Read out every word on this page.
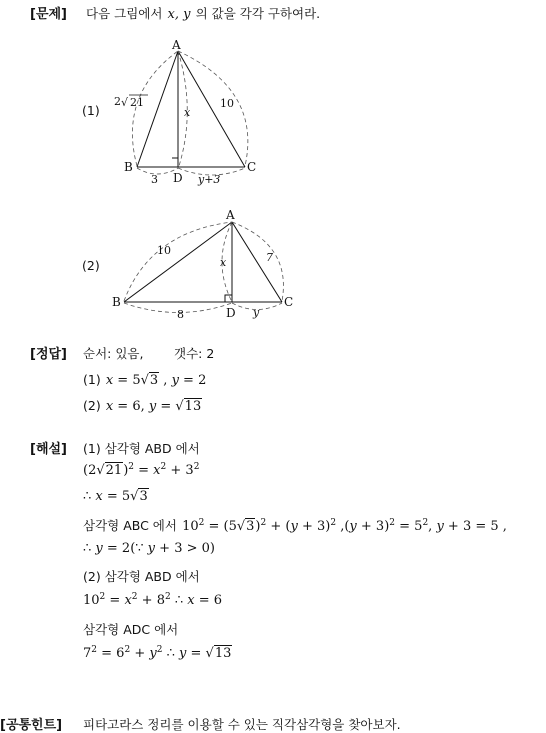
[문제] 다음 그림에서 x, y 의 값을 각각 구하여라.
(1)
A
B	C
D
2 √ 21	10
x
3	y+3
(2)
A
B	C
D
10
x	7
8	y
[정답] 순서: 있음, 갯수: 2
(1) x = 5√3 , y = 2
(2) x = 6, y = √13
[해설] (1) 삼각형 ABD 에서
$(2√21)^2 = x^2 + 3^2$
∴ x = 5√3
삼각형 ABC 에서 $10^2 = (5√3)^2 + (y + 3)^2$ $,(y + 3)^2 = 5^2$, y + 3 = 5 ,
∴ y = 2(∵ y + 3 > 0)
(2) 삼각형 ABD 에서
$10^2 = x^2 + 8^2$ ∴ x = 6
삼각형 ADC 에서
$7^2 = 6^2 + y^2$ ∴ y = √13
[공통힌트] 피타고라스 정리를 이용할 수 있는 직각삼각형을 찾아보자.
